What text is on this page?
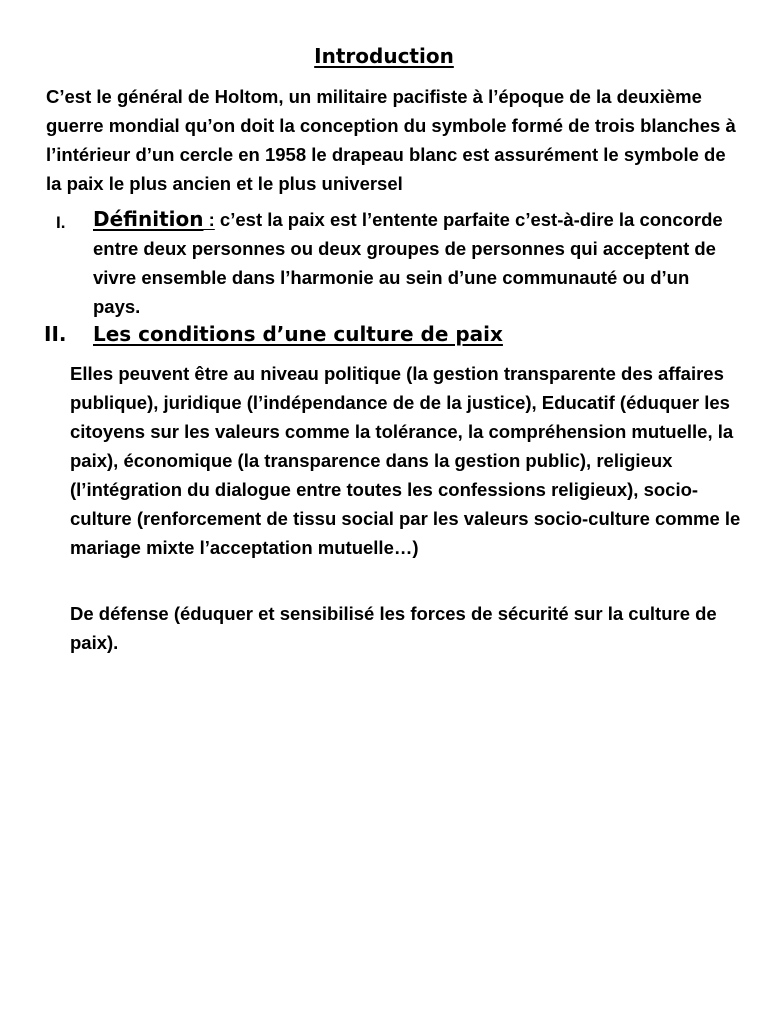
Introduction

C’est le général de Holtom, un militaire pacifiste à l’époque de la deuxième guerre mondial qu’on doit la conception du symbole formé de trois blanches à l’intérieur d’un cercle en 1958 le drapeau blanc est assurément le symbole de la paix le plus ancien et le plus universel

I. Définition : c’est la paix est l’entente parfaite c’est-à-dire la concorde entre deux personnes ou deux groupes de personnes qui acceptent de vivre ensemble dans l’harmonie au sein d’une communauté ou d’un pays.

II. Les conditions d’une culture de paix

Elles peuvent être au niveau politique (la gestion transparente des affaires publique), juridique (l’indépendance de de la justice), Educatif (éduquer les citoyens sur les valeurs comme la tolérance, la compréhension mutuelle, la paix), économique (la transparence dans la gestion public), religieux (l’intégration du dialogue entre toutes les confessions religieux), socio-culture (renforcement de tissu social par les valeurs socio-culture comme le mariage mixte l’acceptation mutuelle…)

De défense (éduquer et sensibilisé les forces de sécurité sur la culture de paix).
